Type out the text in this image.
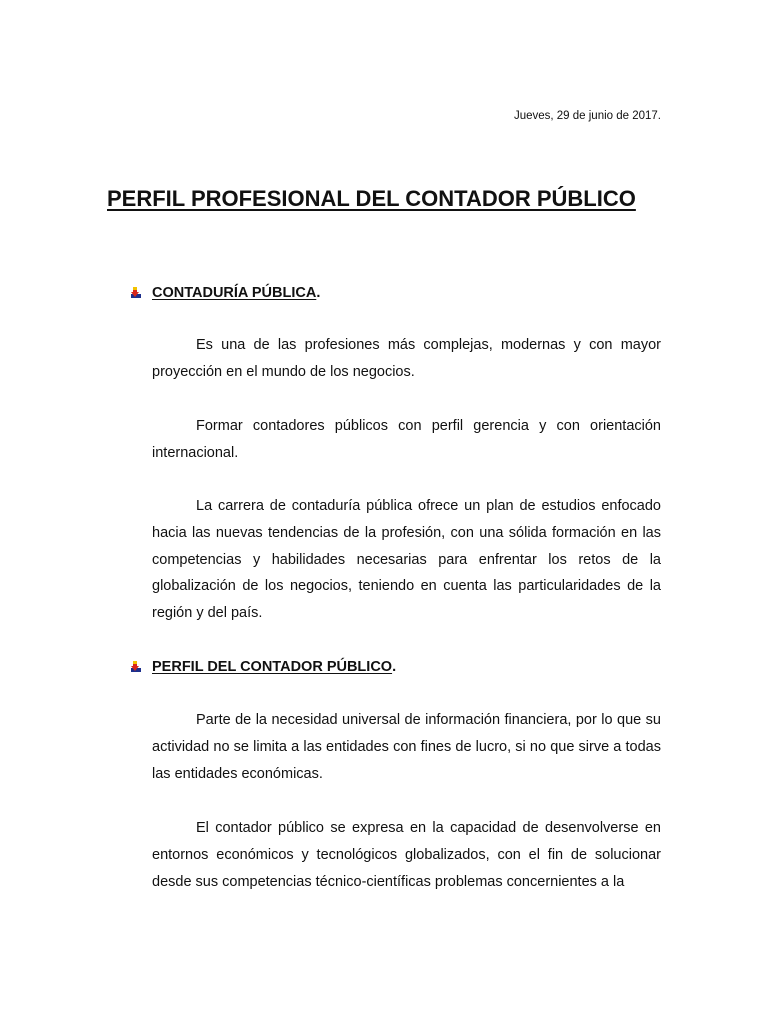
Jueves, 29 de junio de 2017.
PERFIL PROFESIONAL DEL CONTADOR PÚBLICO
CONTADURÍA PÚBLICA .

Es una de las profesiones más complejas, modernas y con mayor proyección en el mundo de los negocios.

Formar contadores públicos con perfil gerencia y con orientación internacional.

La carrera de contaduría pública ofrece un plan de estudios enfocado hacia las nuevas tendencias de la profesión, con una sólida formación en las competencias y habilidades necesarias para enfrentar los retos de la globalización de los negocios, teniendo en cuenta las particularidades de la región y del país.

PERFIL DEL CONTADOR PÚBLICO .

Parte de la necesidad universal de información financiera, por lo que su actividad no se limita a las entidades con fines de lucro, si no que sirve a todas las entidades económicas.

El contador público se expresa en la capacidad de desenvolverse en entornos económicos y tecnológicos globalizados, con el fin de solucionar desde sus competencias técnico-científicas problemas concernientes a la
